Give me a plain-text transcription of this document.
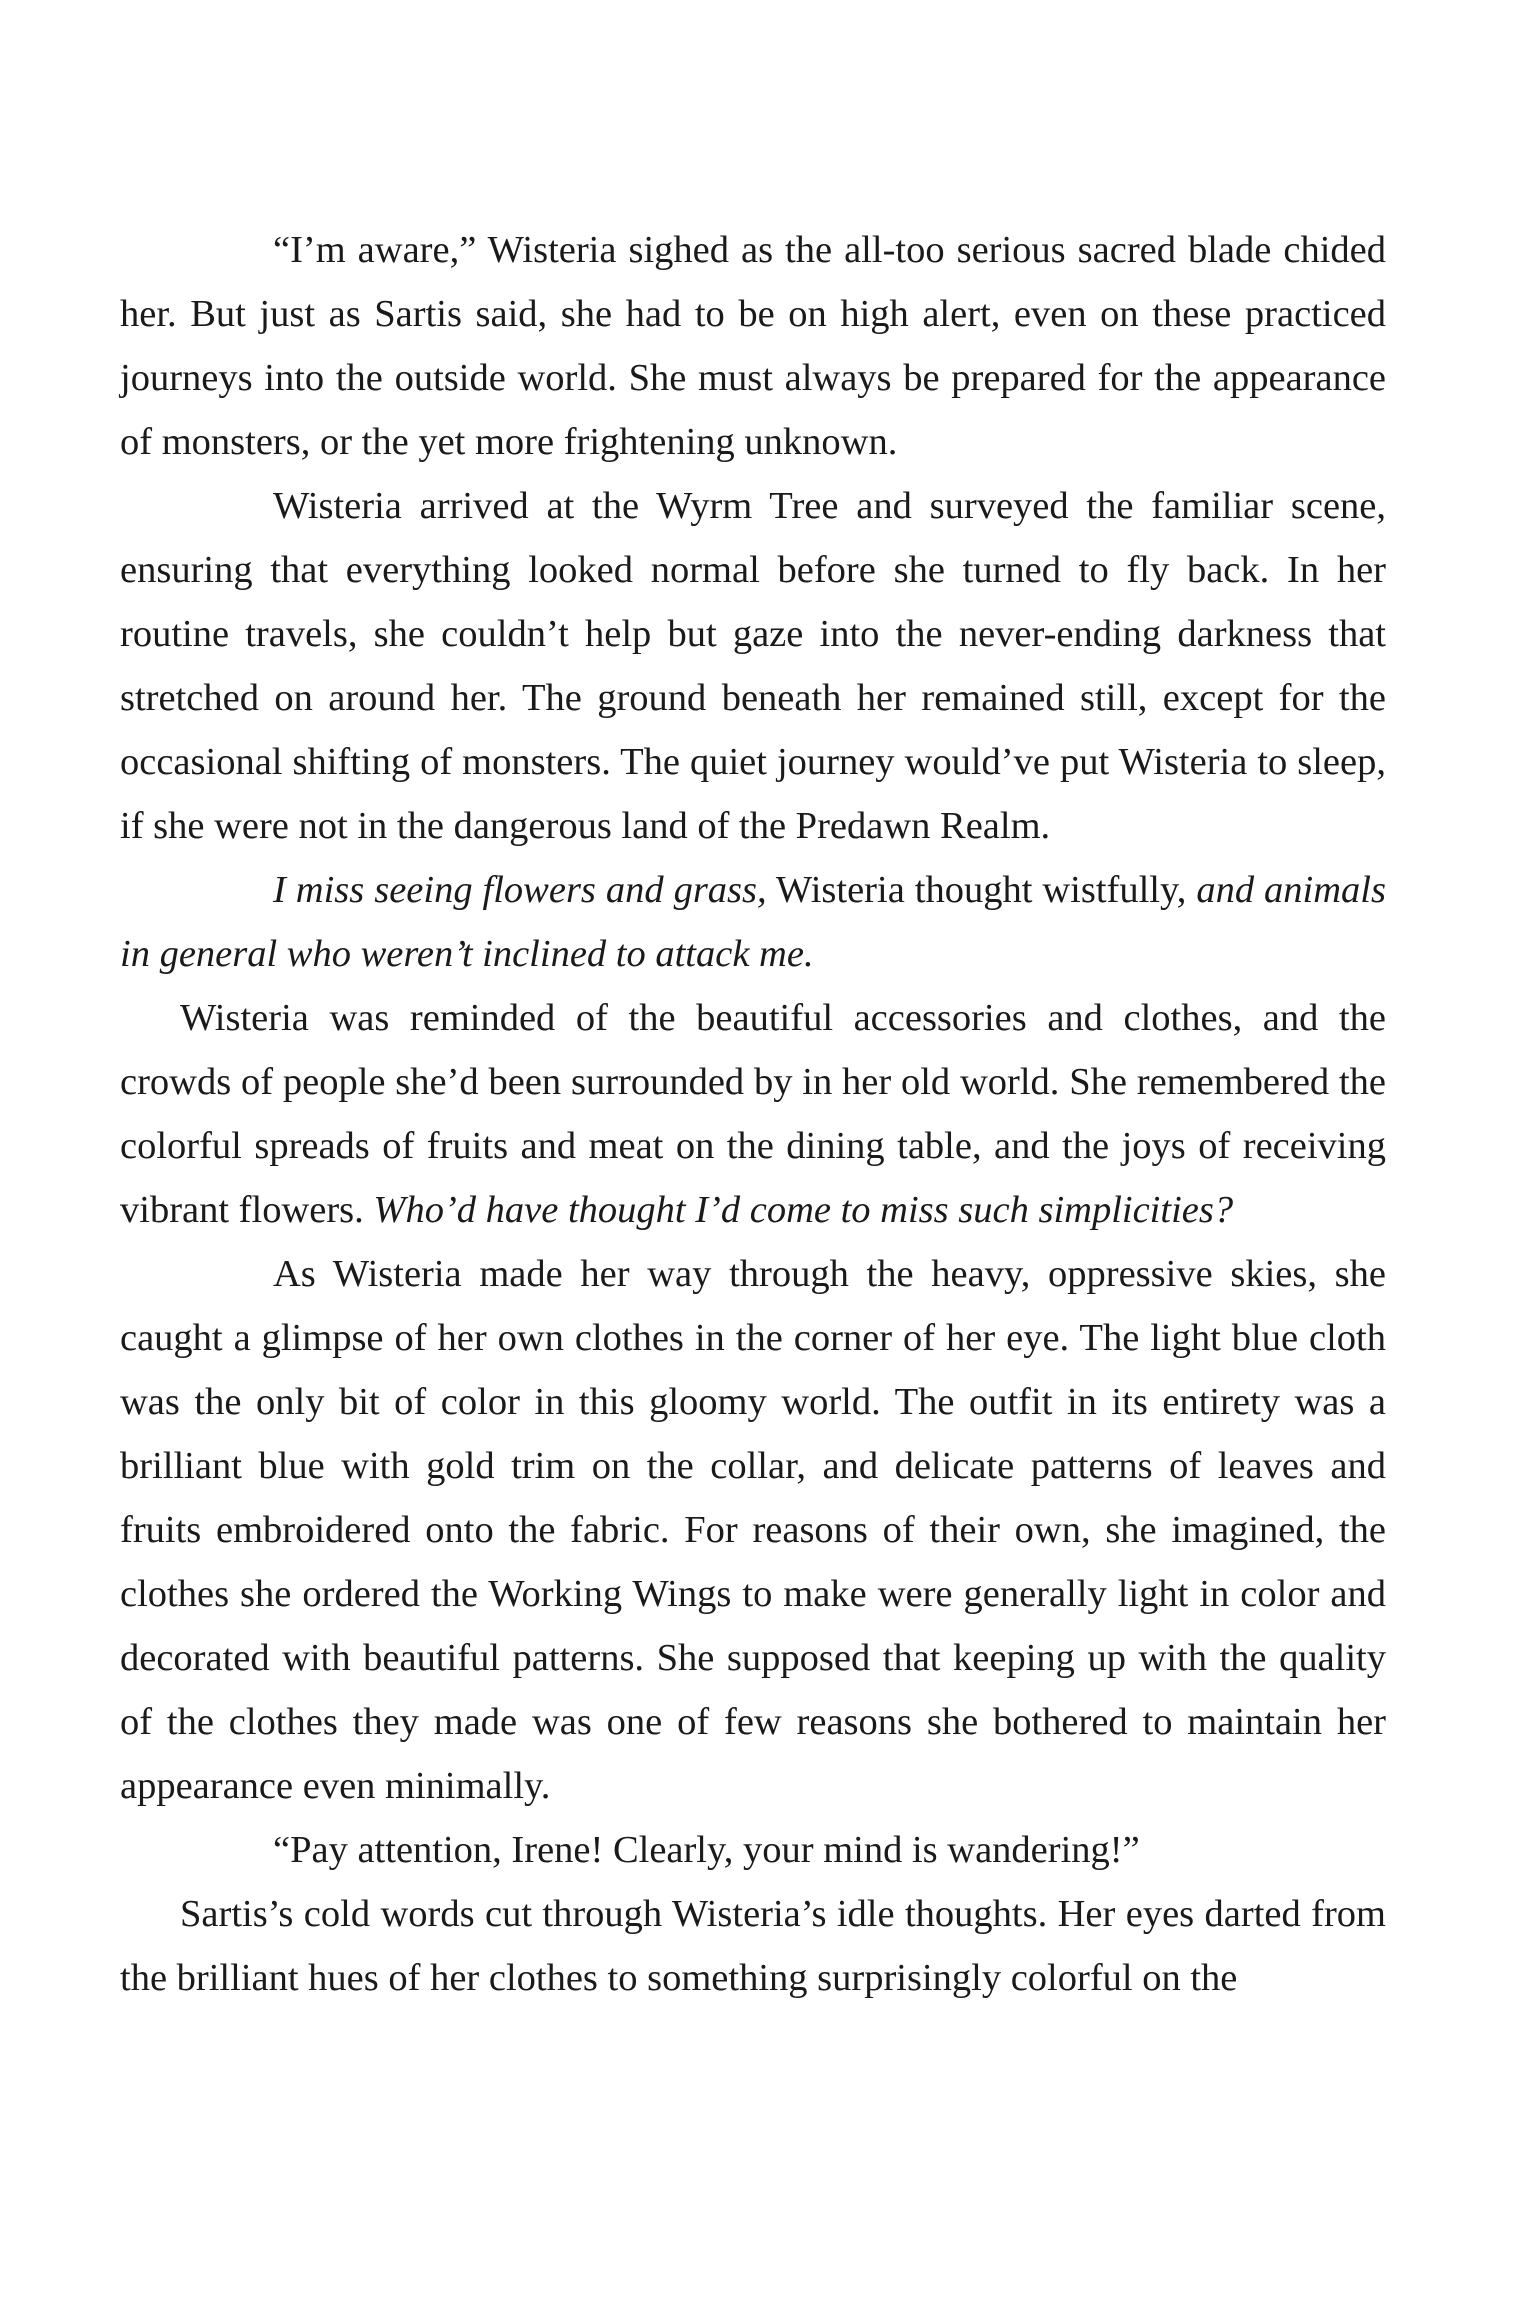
“I’m aware,” Wisteria sighed as the all-too serious sacred blade chided her. But just as Sartis said, she had to be on high alert, even on these practiced journeys into the outside world. She must always be prepared for the appearance of monsters, or the yet more frightening unknown.

Wisteria arrived at the Wyrm Tree and surveyed the familiar scene, ensuring that everything looked normal before she turned to fly back. In her routine travels, she couldn’t help but gaze into the never-ending darkness that stretched on around her. The ground beneath her remained still, except for the occasional shifting of monsters. The quiet journey would’ve put Wisteria to sleep, if she were not in the dangerous land of the Predawn Realm.

I miss seeing flowers and grass, Wisteria thought wistfully, and animals in general who weren’t inclined to attack me.

Wisteria was reminded of the beautiful accessories and clothes, and the crowds of people she’d been surrounded by in her old world. She remembered the colorful spreads of fruits and meat on the dining table, and the joys of receiving vibrant flowers. Who’d have thought I’d come to miss such simplicities?

As Wisteria made her way through the heavy, oppressive skies, she caught a glimpse of her own clothes in the corner of her eye. The light blue cloth was the only bit of color in this gloomy world. The outfit in its entirety was a brilliant blue with gold trim on the collar, and delicate patterns of leaves and fruits embroidered onto the fabric. For reasons of their own, she imagined, the clothes she ordered the Working Wings to make were generally light in color and decorated with beautiful patterns. She supposed that keeping up with the quality of the clothes they made was one of few reasons she bothered to maintain her appearance even minimally.

“Pay attention, Irene! Clearly, your mind is wandering!”

Sartis’s cold words cut through Wisteria’s idle thoughts. Her eyes darted from the brilliant hues of her clothes to something surprisingly colorful on the
